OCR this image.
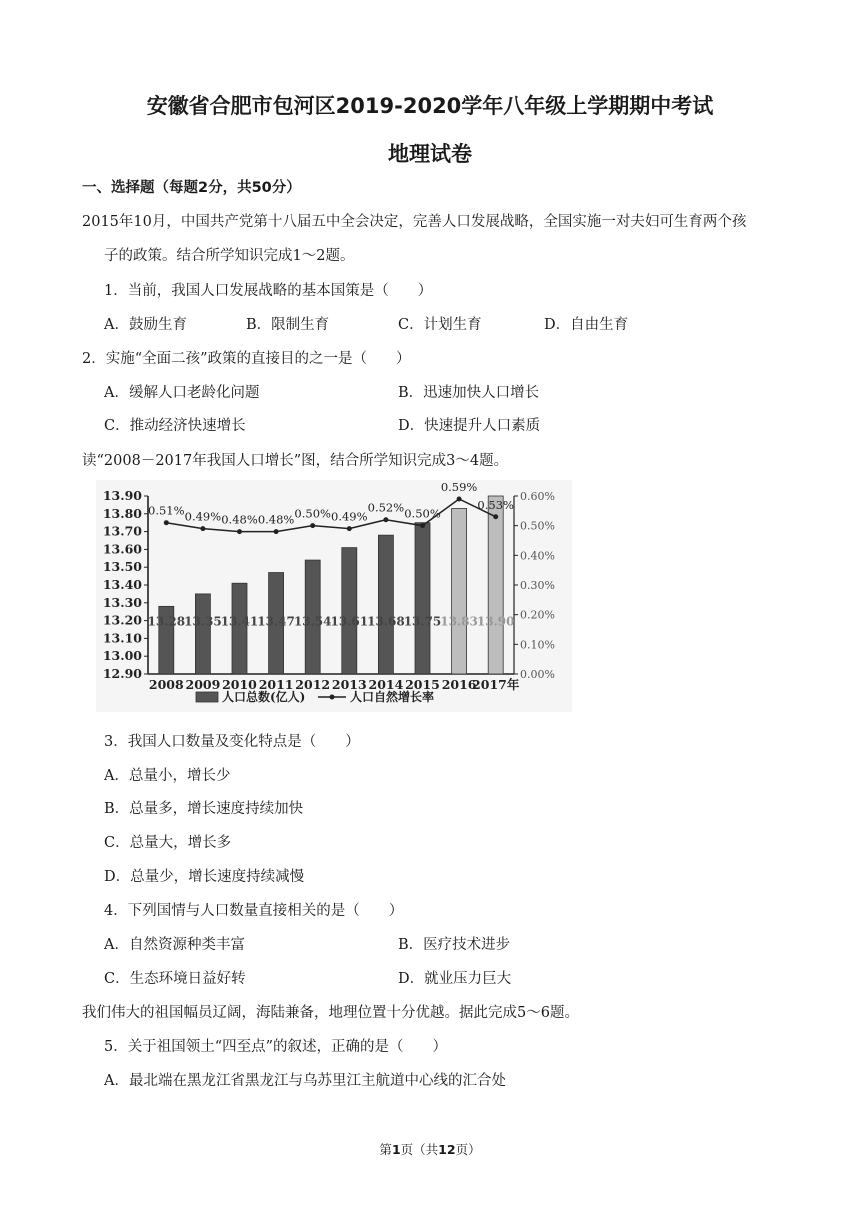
安徽省合肥市包河区2019-2020学年八年级上学期期中考试
地理试卷
一、选择题（每题2分，共50分）
2015年10月，中国共产党第十八届五中全会决定，完善人口发展战略，全国实施一对夫妇可生育两个孩
子的政策。结合所学知识完成1～2题。
1．当前，我国人口发展战略的基本国策是（　　）
A．鼓励生育	B．限制生育	C．计划生育	D．自由生育
2．实施“全面二孩”政策的直接目的之一是（　　）
A．缓解人口老龄化问题	B．迅速加快人口增长
C．推动经济快速增长	D．快速提升人口素质
读“2008－2017年我国人口增长”图，结合所学知识完成3～4题。
13.90
13.80
13.70
13.60
13.50
13.40
13.30
13.20
13.10
13.00
12.90
0.60%
0.50%
0.40%
0.30%
0.20%
0.10%
0.00%
13.28
2008
13.35
2009
13.41
2010
13.47
2011
13.54
2012
13.61
2013
13.68
2014
13.75
2015
13.83
2016
13.90
2017年
0.51% 0.49% 0.48% 0.48% 0.50% 0.49%
0.52% 0.50%
0.59%
0.53%
人口总数(亿人)	人口自然增长率
3．我国人口数量及变化特点是（　　）
A．总量小，增长少
B．总量多，增长速度持续加快
C．总量大，增长多
D．总量少，增长速度持续减慢
4．下列国情与人口数量直接相关的是（　　）
A．自然资源种类丰富	B．医疗技术进步
C．生态环境日益好转	D．就业压力巨大
我们伟大的祖国幅员辽阔，海陆兼备，地理位置十分优越。据此完成5～6题。
5．关于祖国领土“四至点”的叙述，正确的是（　　）
A．最北端在黑龙江省黑龙江与乌苏里江主航道中心线的汇合处
第1页（共12页）
